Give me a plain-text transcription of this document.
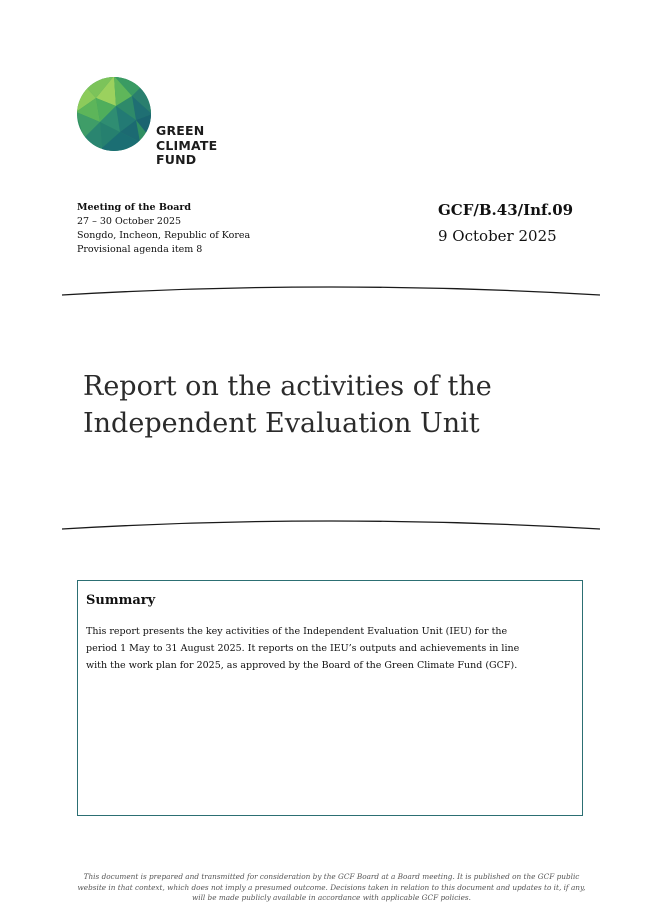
GREEN
CLIMATE
FUND
Meeting of the Board
27 – 30 October 2025
Songdo, Incheon, Republic of Korea
Provisional agenda item 8
GCF/B.43/Inf.09
9 October 2025
Report on the activities of the
Independent Evaluation Unit
Summary
This report presents the key activities of the Independent Evaluation Unit (IEU) for the
period 1 May to 31 August 2025. It reports on the IEU’s outputs and achievements in line
with the work plan for 2025, as approved by the Board of the Green Climate Fund (GCF).
This document is prepared and transmitted for consideration by the GCF Board at a Board meeting. It is published on the GCF public
website in that context, which does not imply a presumed outcome. Decisions taken in relation to this document and updates to it, if any,
will be made publicly available in accordance with applicable GCF policies.
